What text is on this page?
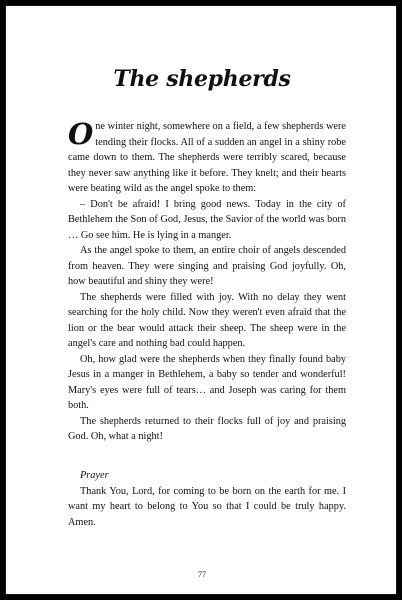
The shepherds

One winter night, somewhere on a field, a few shepherds were tending their flocks. All of a sudden an angel in a shiny robe came down to them. The shepherds were terribly scared, because they never saw anything like it before. They knelt; and their hearts were beating wild as the angel spoke to them:

– Don't be afraid! I bring good news. Today in the city of Bethlehem the Son of God, Jesus, the Savior of the world was born … Go see him. He is lying in a manger.

As the angel spoke to them, an entire choir of angels descended from heaven. They were singing and praising God joyfully. Oh, how beautiful and shiny they were!

The shepherds were filled with joy. With no delay they went searching for the holy child. Now they weren't even afraid that the lion or the bear would attack their sheep. The sheep were in the angel's care and nothing bad could happen.

Oh, how glad were the shepherds when they finally found baby Jesus in a manger in Bethlehem, a baby so tender and wonderful! Mary's eyes were full of tears… and Joseph was caring for them both.

The shepherds returned to their flocks full of joy and praising God. Oh, what a night!

Prayer

Thank You, Lord, for coming to be born on the earth for me. I want my heart to belong to You so that I could be truly happy. Amen.

77
